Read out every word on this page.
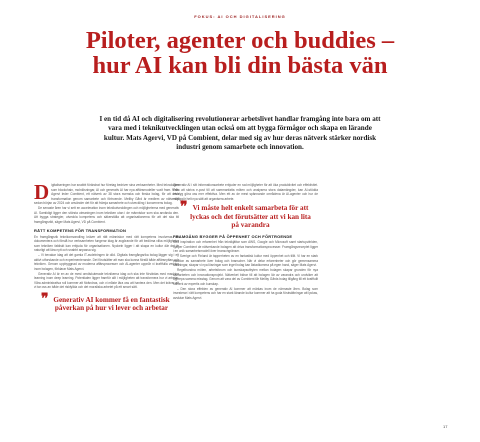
FOKUS: AI OCH DIGITALISERING
Piloter, agenter och buddies – hur AI kan bli din bästa vän

I en tid då AI och digitalisering revolutionerar arbetslivet handlar framgång inte bara om att vara med i teknikutvecklingen utan också om att bygga förmågor och skapa en lärande kultur. Mats Agervi, VD på Combient, delar med sig av hur deras nätverk stärker nordisk industri genom samarbete och innovation.

Digitaliseringen har snabbt förändrat hur företag bedriver sina verksamheter. Med teknologier som blockchain, molnlösningar, AI och generativ AI har nya affärsmodeller vuxit fram. Mats Agervi leder Combient, ett nätverk av 38 stora svenska och finska bolag, för att driva transformation genom samarbete och förtroende. Mellby Gård är medlem av nätverket sedan början av 2024 och använder det för att främja samarbete och utveckling i koncernens bolag.

De senaste åren har vi sett en acceleration inom teknikutvecklingen och möjligheterna med generativ AI. Samtidigt ligger den största utmaningen inom tekniken utan i de människor som ska använda den. Att bygga strategier, utveckla kompetens och säkerställa att organisationerna för att det ska bli framgångsrikt, säger Mats Agervi, VD på Combient.

RÄTT KOMPETENS FÖR TRANSFORMATION

En framgångsrik teknikomvandling kräver att rätt människor med rätt kompetens involveras. Att dokumentera och förstå hur verksamheten fungerar idag är avgörande för att bedöma vilka möjligheter som tekniken faktiskt kan erbjuda för organisationen. Nyckeln ligger i att skapa en kultur där det är naturligt att lära nytt och snabbt anpassa sig.

– Vi bevakar idag att det gamla IT-avdelningen är död. Digitala framgångsrika bolag lägger sig i ett aktivt utforskande och experimenterande. Det förutsätter att man ska kunna förstå både affärsnyttan och tekniken. Genom uppbyggnad av moderna affärsprocesser och AI-agenter uppnår vi kraftfulla verktyg inom bolagen, förklarar Mats Agervi.

Generativ AI är en av de mest omdiskuterade teknikerna idag och ska inte förväxlas med machine learning inom deep learning. Potentialen ligger framför allt i möjligheten att transformera hur vi arbetar. Våra administrativa roll kommer att förändras, och vi måste lära oss att hantera den. Men det kräver att vi tar oss an både det riskfyllda och det moraliska arbetet på ett smart sätt.

❞ Generativ AI kommer få en fantastisk påverkan på hur vi lever och arbetar

Generativ AI i sitt informationsarbete erbjuder en rad möjligheter för att öka produktivitet och effektivitet. Från att skriva e-post till att sammanfatta möten och analysera stora datamängder, kan AI-stödda verktyg göra oss mer effektiva. Men ett av de mest spännande områdena är AI-agenter och hur de möjliggör helt nya sätt att organisera arbete.

❞ Vi måste helt enkelt samarbeta för att lyckas och det förutsätter att vi kan lita på varandra
FRAMGÅNG BYGGER PÅ ÖPPENHET OCH FÖRTROENDE

Med inspiration och erfarenhet från teknikjättar som AWS, Google och Microsoft samt startupvärlden, hjälper Combient de nätverkande bolagen att driva transformationsprocesser. Framgångsreceptet ligger i en unik samarbetsmodell över branschgränser.

– Sverige och Finland är tapperheten av en fantastisk kultur med öppenhet och tillit. Vi har en stark tradition av samarbete över bolag och branscher. När vi delar erfarenheter och gör gemensamma satsningar, skapar vi nya lösningar som inget bolag kan åstadkomma på egen hand, säger Mats Agervi.

Regelbundna möten, arbetsforum och kunskapsutbyten mellan bolagen skapar grunden för nya samarbeten och innovationsprojekt. Nätverket bidrar till att bolagen lär av varandra och undviker att upprepa samma misstag. Genom att vara del av Combient får Mellby Gårds bolag tillgång till ett kraftfullt nätverk av expertis och kunskap.

– Den stora effekten av generativ AI kommer att märkas inom de närmaste åren. Bolag som investerar i rätt kompetens och har en stark lärande kultur kommer att ha goda förutsättningar att lyckas, avslutar Mats Agervi.

17
